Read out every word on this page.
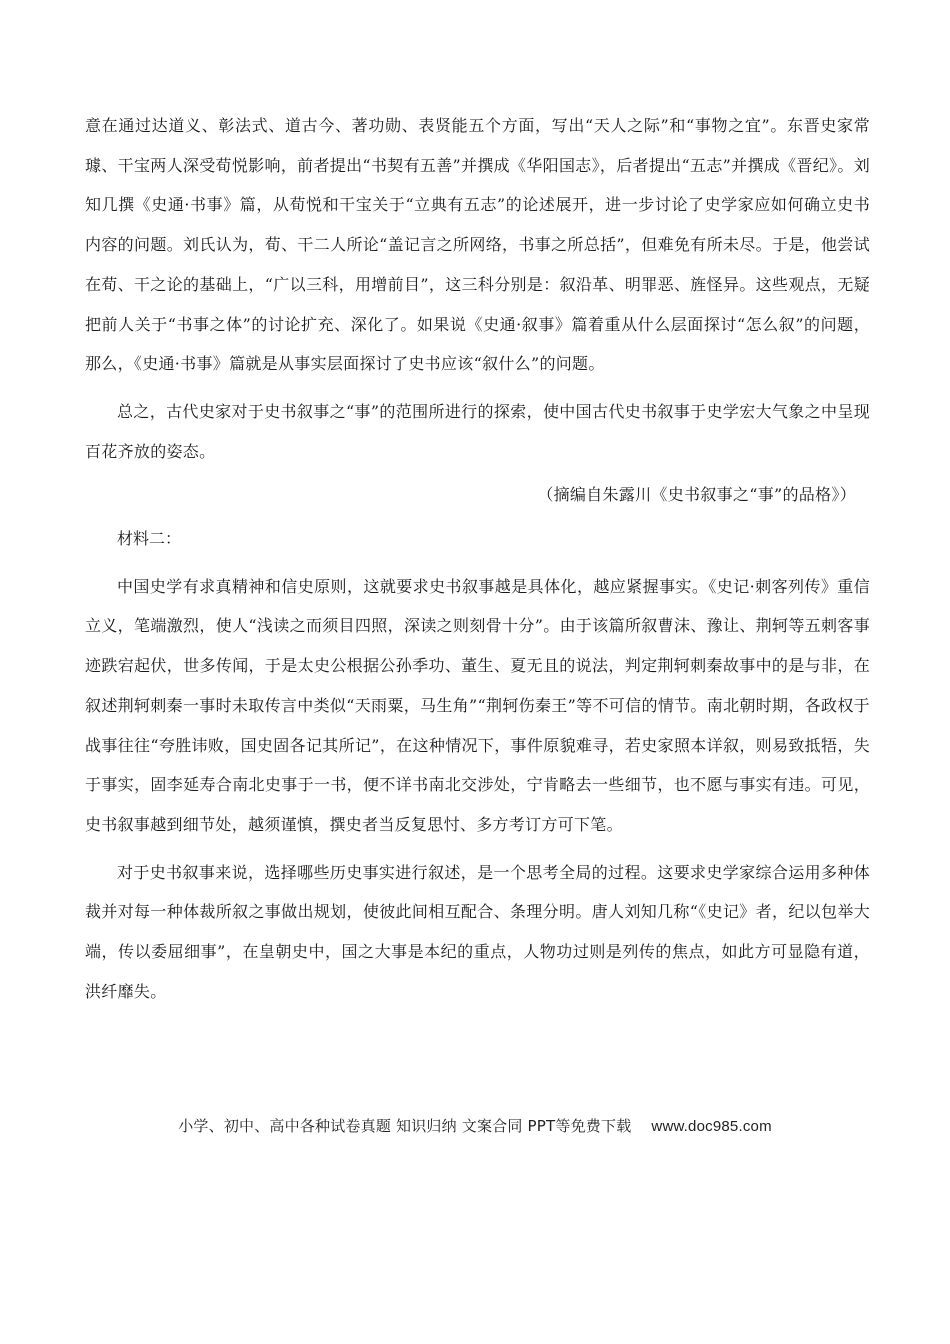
意在通过达道义、彰法式、道古今、著功勋、表贤能五个方面，写出“天人之际”和“事物之宜”。东晋史家常璩、干宝两人深受荀悦影响，前者提出“书契有五善”并撰成《华阳国志》，后者提出“五志”并撰成《晋纪》。刘知几撰《史通·书事》篇，从荀悦和干宝关于“立典有五志”的论述展开，进一步讨论了史学家应如何确立史书内容的问题。刘氏认为，荀、干二人所论“盖记言之所网络，书事之所总括”，但难免有所未尽。于是，他尝试在荀、干之论的基础上，“广以三科，用增前目”，这三科分别是：叙沿革、明罪恶、旌怪异。这些观点，无疑把前人关于“书事之体”的讨论扩充、深化了。如果说《史通·叙事》篇着重从什么层面探讨“怎么叙”的问题，那么，《史通·书事》篇就是从事实层面探讨了史书应该“叙什么”的问题。

总之，古代史家对于史书叙事之“事”的范围所进行的探索，使中国古代史书叙事于史学宏大气象之中呈现百花齐放的姿态。

（摘编自朱露川《史书叙事之“事”的品格》）

材料二：

中国史学有求真精神和信史原则，这就要求史书叙事越是具体化，越应紧握事实。《史记·刺客列传》重信立义，笔端激烈，使人“浅读之而须目四照，深读之则刻骨十分”。由于该篇所叙曹沫、豫让、荆轲等五刺客事迹跌宕起伏，世多传闻，于是太史公根据公孙季功、董生、夏无且的说法，判定荆轲刺秦故事中的是与非，在叙述荆轲刺秦一事时未取传言中类似“天雨粟，马生角”“荆轲伤秦王”等不可信的情节。南北朝时期，各政权于战事往往“夸胜讳败，国史固各记其所记”，在这种情况下，事件原貌难寻，若史家照本详叙，则易致抵牾，失于事实，固李延寿合南北史事于一书，便不详书南北交涉处，宁肯略去一些细节，也不愿与事实有违。可见，史书叙事越到细节处，越须谨慎，撰史者当反复思忖、多方考订方可下笔。

对于史书叙事来说，选择哪些历史事实进行叙述，是一个思考全局的过程。这要求史学家综合运用多种体裁并对每一种体裁所叙之事做出规划，使彼此间相互配合、条理分明。唐人刘知几称“《史记》者，纪以包举大端，传以委屈细事”，在皇朝史中，国之大事是本纪的重点，人物功过则是列传的焦点，如此方可显隐有道，洪纤靡失。

小学、初中、高中各种试卷真题 知识归纳 文案合同 PPT等免费下载 www.doc985.com
